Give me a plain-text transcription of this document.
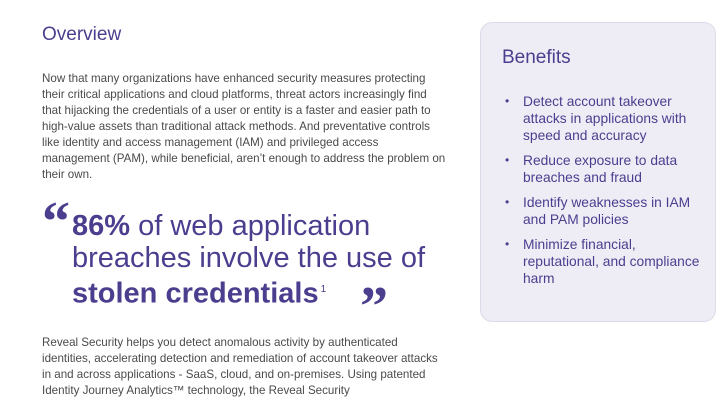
Overview

Now that many organizations have enhanced security measures protecting their critical applications and cloud platforms, threat actors increasingly find that hijacking the credentials of a user or entity is a faster and easier path to high-value assets than traditional attack methods. And preventative controls like identity and access management (IAM) and privileged access management (PAM), while beneficial, aren’t enough to address the problem on their own.

“ 86% of web application breaches involve the use of stolen credentials $^1$ ”

Reveal Security helps you detect anomalous activity by authenticated identities, accelerating detection and remediation of account takeover attacks in and across applications - SaaS, cloud, and on-premises. Using patented Identity Journey Analytics™ technology, the Reveal Security

Benefits
• Detect account takeover attacks in applications with speed and accuracy
• Reduce exposure to data breaches and fraud
• Identify weaknesses in IAM and PAM policies
• Minimize financial, reputational, and compliance harm
